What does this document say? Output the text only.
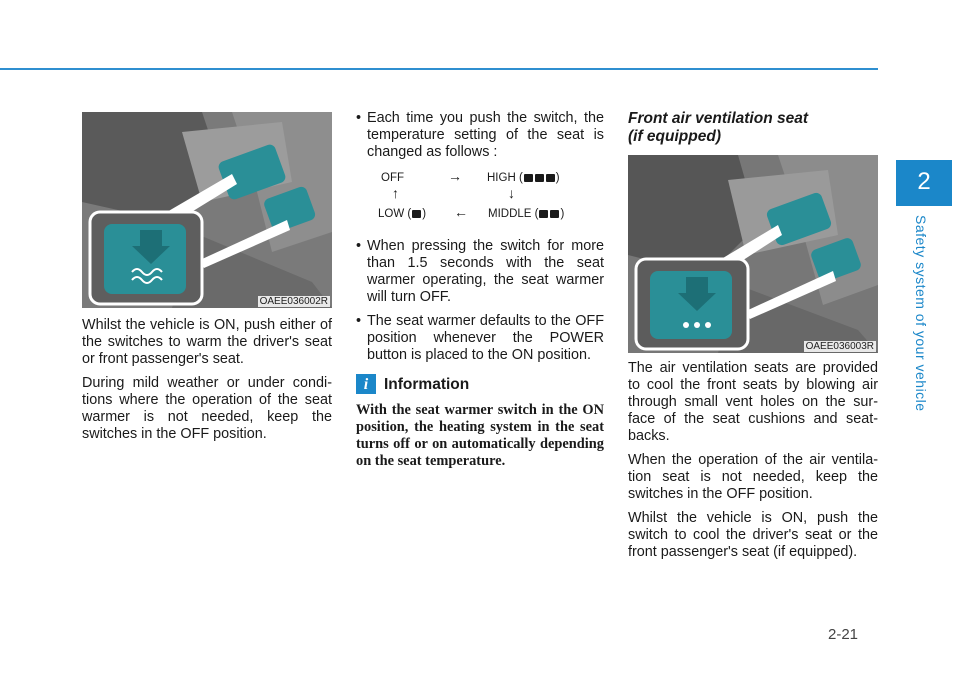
2
Safety system of your vehicle
OAEE036002R

Whilst the vehicle is ON, push either of the switches to warm the driver's seat or front passenger's seat.

During mild weather or under condi-tions where the operation of the seat warmer is not needed, keep the switches in the OFF position.

• Each time you push the switch, the temperature setting of the seat is changed as follows :
OFF	→ HIGH (	)
↑	↓
LOW ( ) ← MIDDLE ( )
• When pressing the switch for more than 1.5 seconds with the seat warmer operating, the seat warmer will turn OFF.
• The seat warmer defaults to the OFF position whenever the POWER button is placed to the ON position.
i	Information
With the seat warmer switch in the ON position, the heating system in the seat turns off or on automatically depending on the seat temperature.

Front air ventilation seat
(if equipped)

OAEE036003R

The air ventilation seats are provided to cool the front seats by blowing air through small vent holes on the sur-face of the seat cushions and seat-backs.

When the operation of the air ventila-tion seat is not needed, keep the switches in the OFF position.

Whilst the vehicle is ON, push the switch to cool the driver's seat or the front passenger's seat (if equipped).

2-21
